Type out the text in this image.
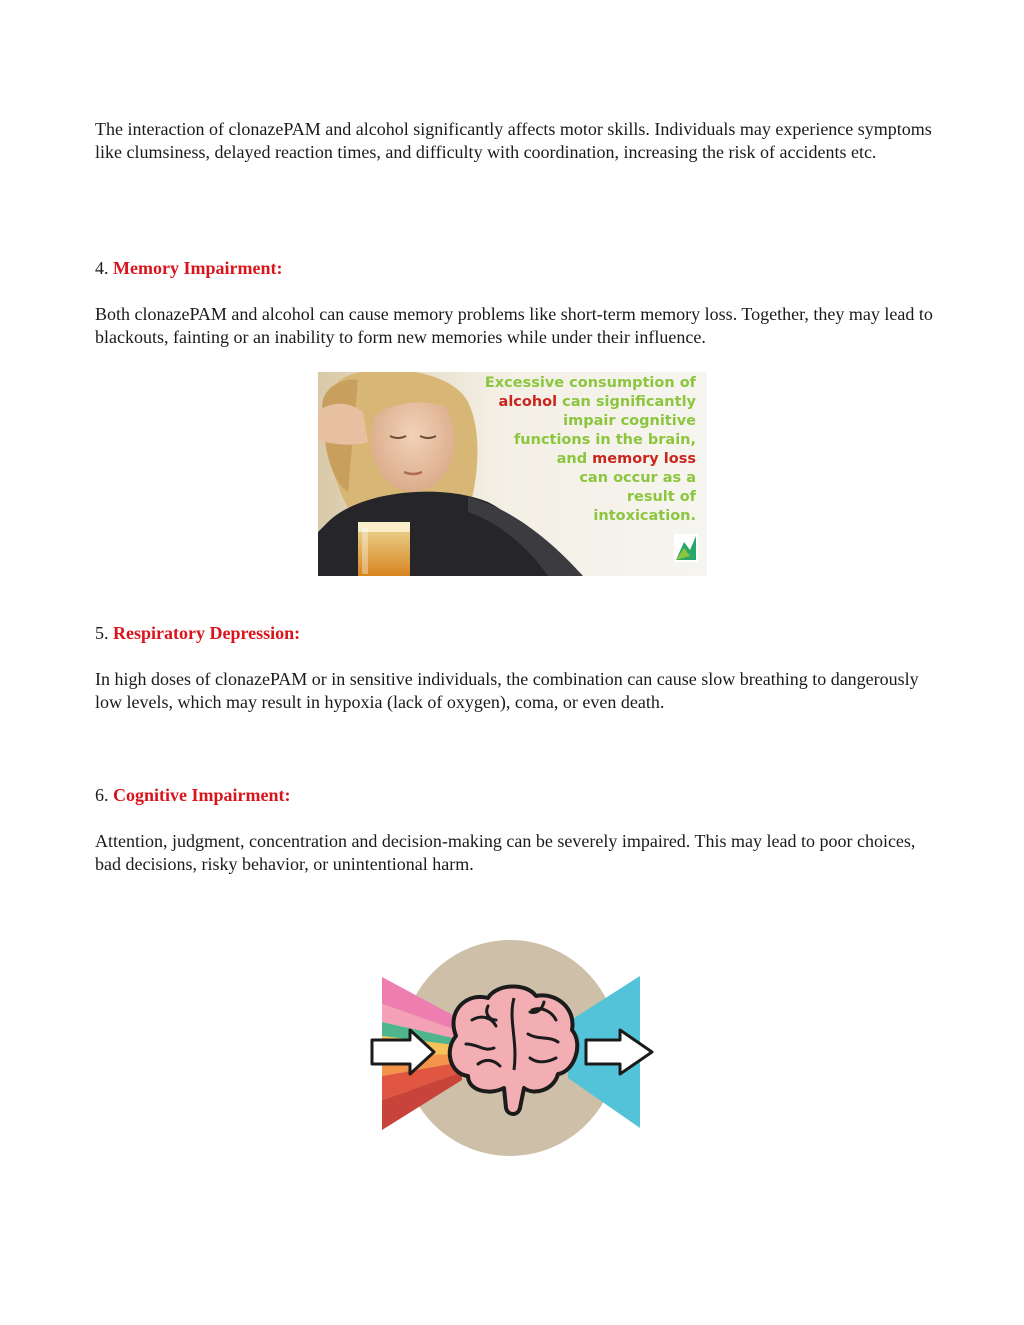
The interaction of clonazePAM and alcohol significantly affects motor skills. Individuals may experience symptoms like clumsiness, delayed reaction times, and difficulty with coordination, increasing the risk of accidents etc.

4. Memory Impairment:

Both clonazePAM and alcohol can cause memory problems like short-term memory loss. Together, they may lead to blackouts, fainting or an inability to form new memories while under their influence.

Excessive consumption of
alcohol can significantly
impair cognitive
functions in the brain,
and memory loss
can occur as a
result of
intoxication.
5. Respiratory Depression:

In high doses of clonazePAM or in sensitive individuals, the combination can cause slow breathing to dangerously low levels, which may result in hypoxia (lack of oxygen), coma, or even death.

6. Cognitive Impairment:

Attention, judgment, concentration and decision-making can be severely impaired. This may lead to poor choices, bad decisions, risky behavior, or unintentional harm.
